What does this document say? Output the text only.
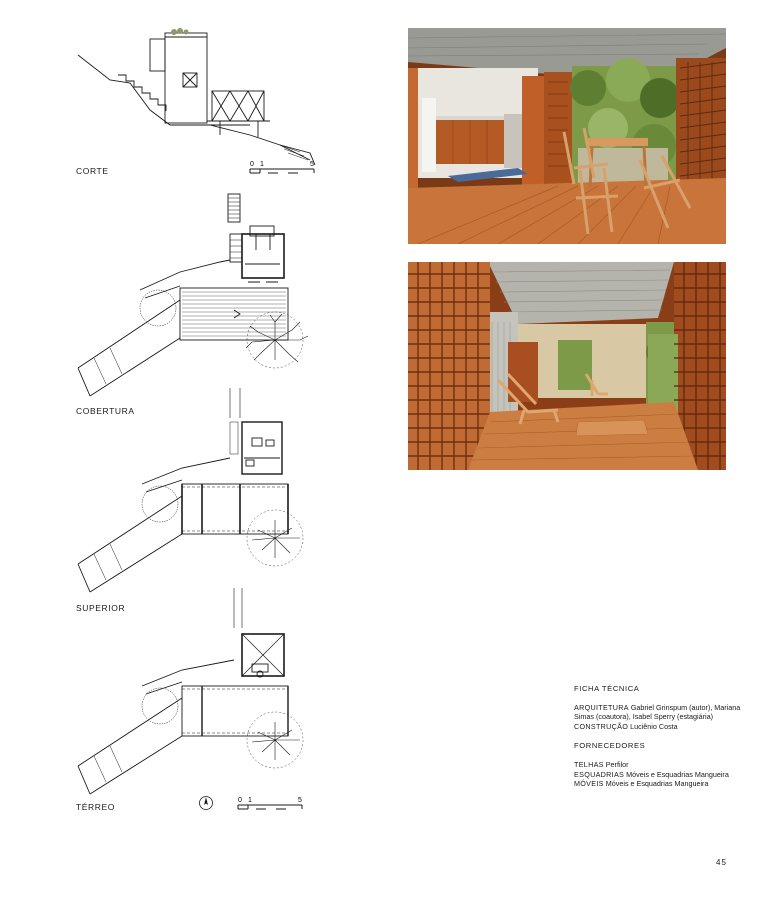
CORTE
0 1	5
COBERTURA
SUPERIOR
TÉRREO
0 1	5
FICHA TÉCNICA

ARQUITETURA Gabriel Grinspum (autor), Mariana Simas (coautora), Isabel Sperry (estagiária)

CONSTRUÇÃO Luciênio Costa

FORNECEDORES

TELHAS Perfilor

ESQUADRIAS Móveis e Esquadrias Mangueira

MÓVEIS Móveis e Esquadrias Mangueira

45
